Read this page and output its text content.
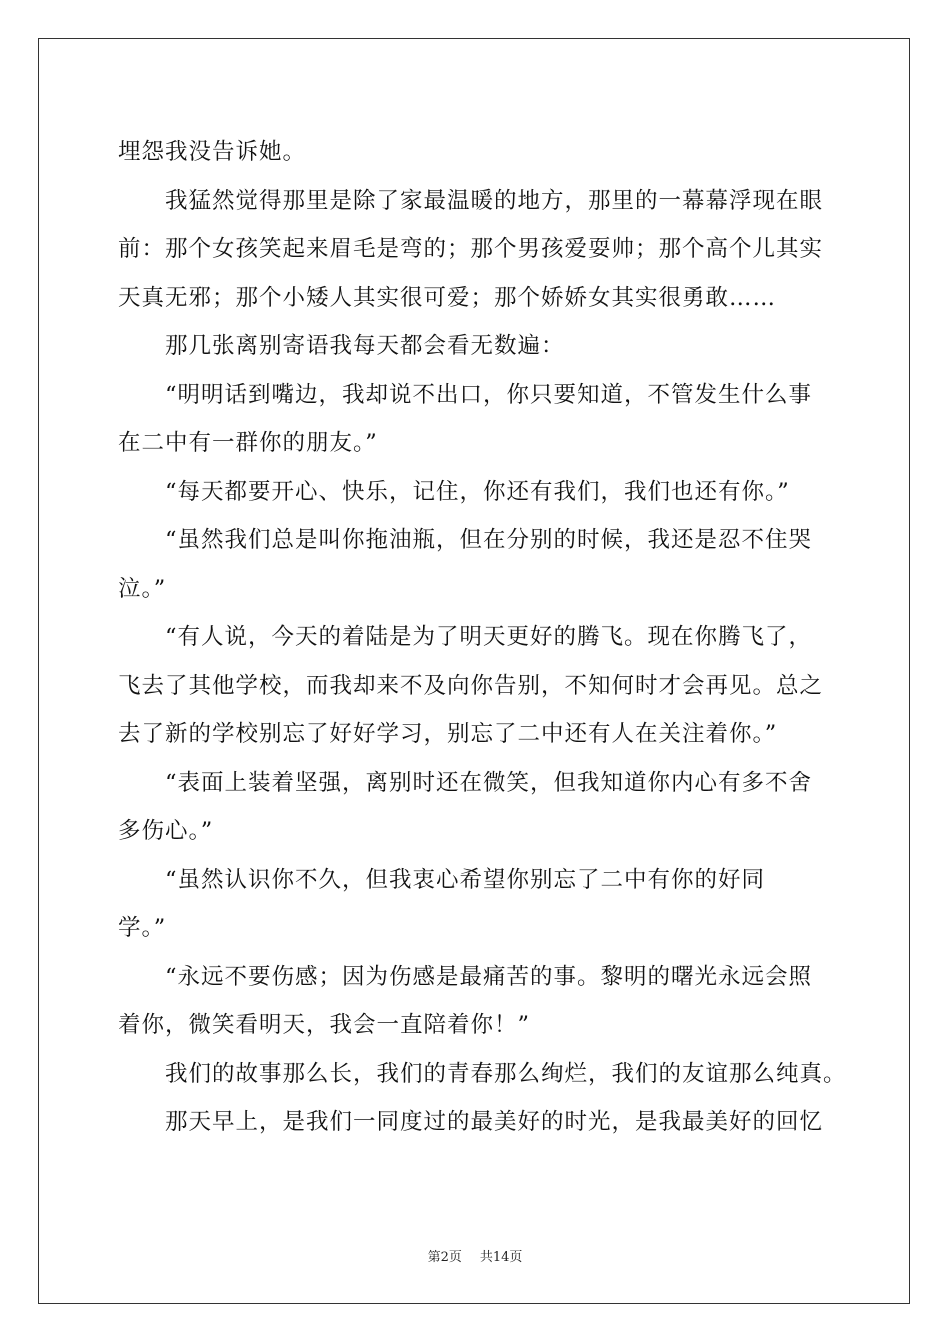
埋怨我没告诉她。
我猛然觉得那里是除了家最温暖的地方，那里的一幕幕浮现在眼
前：那个女孩笑起来眉毛是弯的；那个男孩爱耍帅；那个高个儿其实
天真无邪；那个小矮人其实很可爱；那个娇娇女其实很勇敢……
那几张离别寄语我每天都会看无数遍：
“明明话到嘴边，我却说不出口，你只要知道，不管发生什么事
在二中有一群你的朋友。”
“每天都要开心、快乐，记住，你还有我们，我们也还有你。”
“虽然我们总是叫你拖油瓶，但在分别的时候，我还是忍不住哭
泣。”
“有人说，今天的着陆是为了明天更好的腾飞。现在你腾飞了，
飞去了其他学校，而我却来不及向你告别，不知何时才会再见。总之
去了新的学校别忘了好好学习，别忘了二中还有人在关注着你。”
“表面上装着坚强，离别时还在微笑，但我知道你内心有多不舍
多伤心。”
“虽然认识你不久，但我衷心希望你别忘了二中有你的好同
学。”
“永远不要伤感；因为伤感是最痛苦的事。黎明的曙光永远会照
着你，微笑看明天，我会一直陪着你！”
我们的故事那么长，我们的青春那么绚烂，我们的友谊那么纯真。
那天早上，是我们一同度过的最美好的时光，是我最美好的回忆
第2页 共14页
